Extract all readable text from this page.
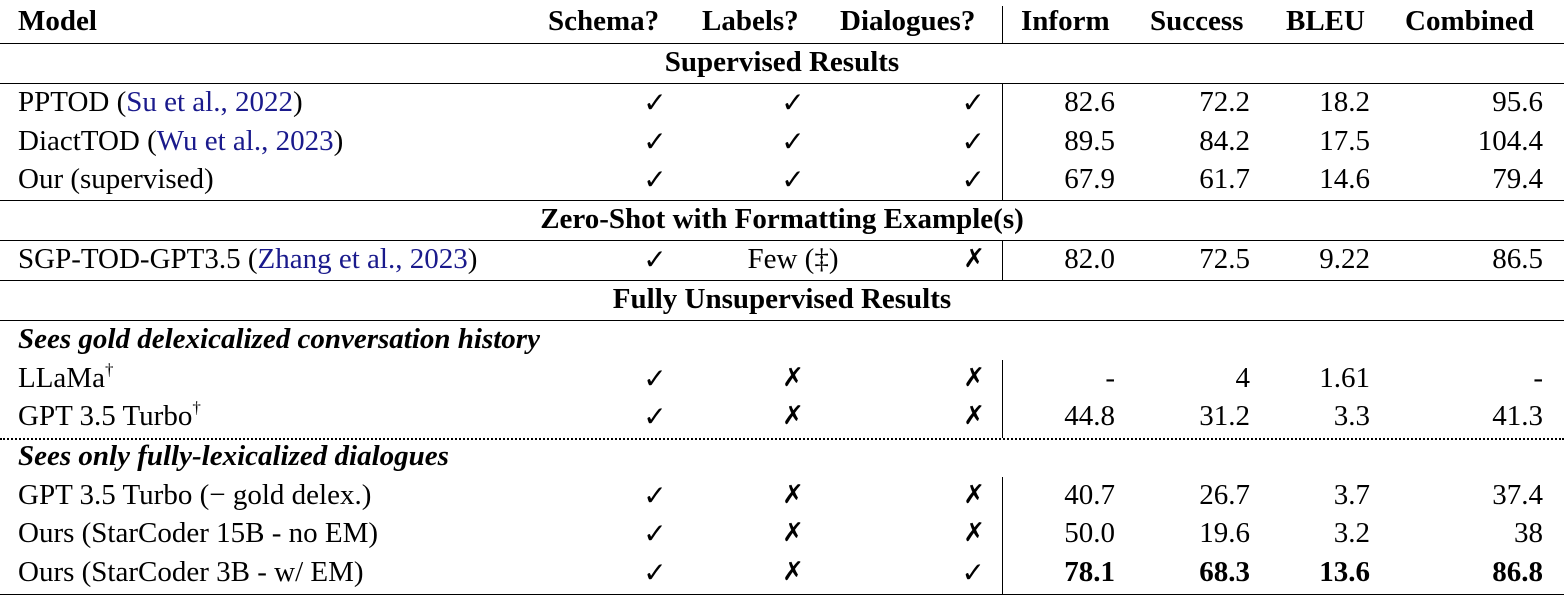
Model	Schema? Labels? Dialogues? Inform Success BLEU Combined
Supervised Results
PPTOD (Su et al., 2022)	✓	✓	✓	82.6	72.2	18.2	95.6
DiactTOD (Wu et al., 2023)	✓	✓	✓	89.5	84.2	17.5	104.4
Our (supervised)	✓	✓	✓	67.9	61.7	14.6	79.4
Zero-Shot with Formatting Example(s)
SGP-TOD-GPT3.5 (Zhang et al., 2023)	✓	Few (‡)	✗	82.0	72.5	9.22	86.5
Fully Unsupervised Results
Sees gold delexicalized conversation history
LLaMa†	✓	✗	✗	-	4	1.61	-
GPT 3.5 Turbo†	✓	✗	✗	44.8	31.2	3.3	41.3
Sees only fully-lexicalized dialogues
GPT 3.5 Turbo (− gold delex.)	✓	✗	✗	40.7	26.7	3.7	37.4
Ours (StarCoder 15B - no EM)	✓	✗	✗	50.0	19.6	3.2	38
Ours (StarCoder 3B - w/ EM)	✓	✗	✓	78.1	68.3	13.6	86.8
